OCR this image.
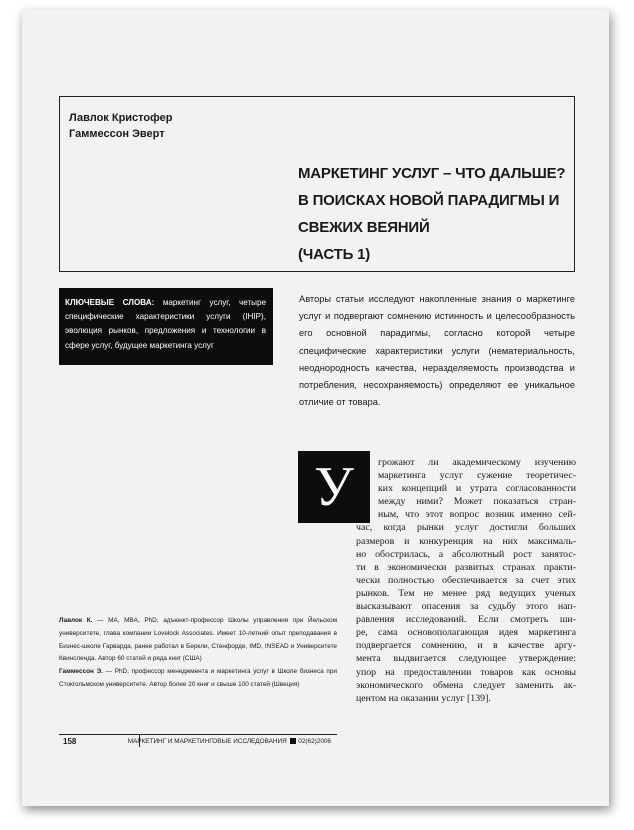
Лавлок Кристофер
Гаммессон Эверт
МАРКЕТИНГ УСЛУГ – ЧТО ДАЛЬШЕ?
В ПОИСКАХ НОВОЙ ПАРАДИГМЫ И
СВЕЖИХ ВЕЯНИЙ
(ЧАСТЬ 1)
КЛЮЧЕВЫЕ СЛОВА: маркетинг услуг, четыре специфические характеристики услуги (IHIP), эволюция рынков, предложения и технологии в сфере услуг, будущее маркетинга услуг
Авторы статьи исследуют накопленные знания о маркетинге услуг и подвергают сомнению истинность и целесообразность его основной парадигмы, согласно которой четыре специфические характеристики услуги (нематериальность, неоднородность качества, неразделяемость производства и потребления, несохраняемость) определяют ее уникальное отличие от товара.
У	грожают ли академическому изучению
маркетинга услуг сужение теоретичес-
ких концепций и утрата согласованности
между ними? Может показаться стран-
ным, что этот вопрос возник именно сей-
час, когда рынки услуг достигли больших
размеров и конкуренция на них максималь-
но обострилась, а абсолютный рост занятос-
ти в экономически развитых странах практи-
чески полностью обеспечивается за счет этих
рынков. Тем не менее ряд ведущих ученых
высказывают опасения за судьбу этого нап-
равления исследований. Если смотреть ши-
ре, сама основополагающая идея маркетинга
подвергается сомнению, и в качестве аргу-
мента выдвигается следующее утверждение:
упор на предоставлении товаров как основы
экономического обмена следует заменить ак-
центом на оказании услуг [139].
Лавлок К. — MA, MBA, PhD, адъюнкт-профессор Школы управления при Йельском университете, глава компании Lovelock Associates. Имеет 10-летний опыт преподавания в Бизнес-школе Гарварда, ранее работал в Беркли, Стенфорде, IMD, INSEAD и Университете Квинсленда. Автор 60 статей и ряда книг (США)
Гаммессон Э. — PhD, профессор менеджмента и маркетинга услуг в Школе бизнеса при Стокгольмском университете. Автор более 20 книг и свыше 100 статей (Швеция)
158	МАРКЕТИНГ И МАРКЕТИНГОВЫЕ ИССЛЕДОВАНИЯ 02(62)2006
